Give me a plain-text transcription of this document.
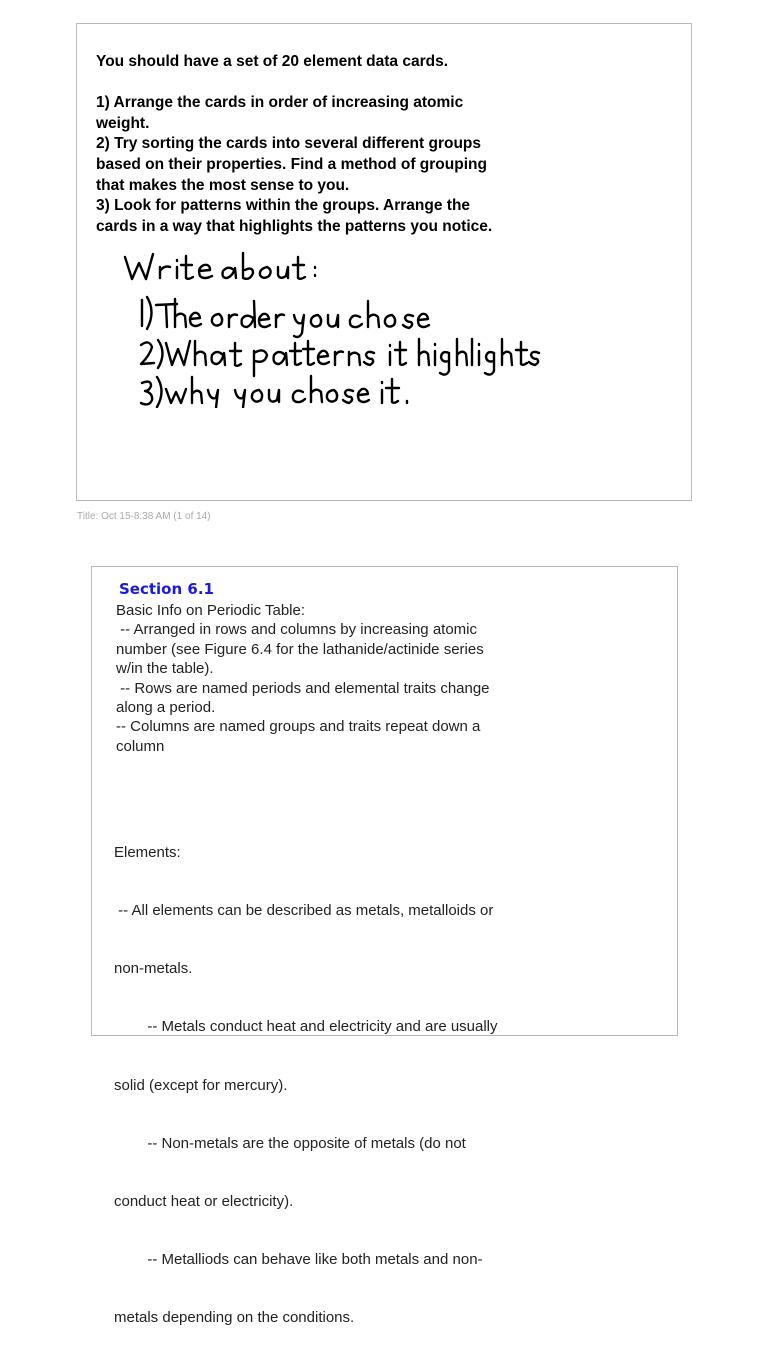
You should have a set of 20 element data cards.
1) Arrange the cards in order of increasing atomic
weight.
2) Try sorting the cards into several different groups
based on their properties. Find a method of grouping
that makes the most sense to you.
3) Look for patterns within the groups. Arrange the
cards in a way that highlights the patterns you notice.
Title: Oct 15-8:38 AM (1 of 14)
Section 6.1
Basic Info on Periodic Table:
-- Arranged in rows and columns by increasing atomic
number (see Figure 6.4 for the lathanide/actinide series
w/in the table).
-- Rows are named periods and elemental traits change
along a period.
-- Columns are named groups and traits repeat down a
column

Elements:

-- All elements can be described as metals, metalloids or

non-metals.

-- Metals conduct heat and electricity and are usually

solid (except for mercury).

-- Non-metals are the opposite of metals (do not

conduct heat or electricity).

-- Metalliods can behave like both metals and non-

metals depending on the conditions.
